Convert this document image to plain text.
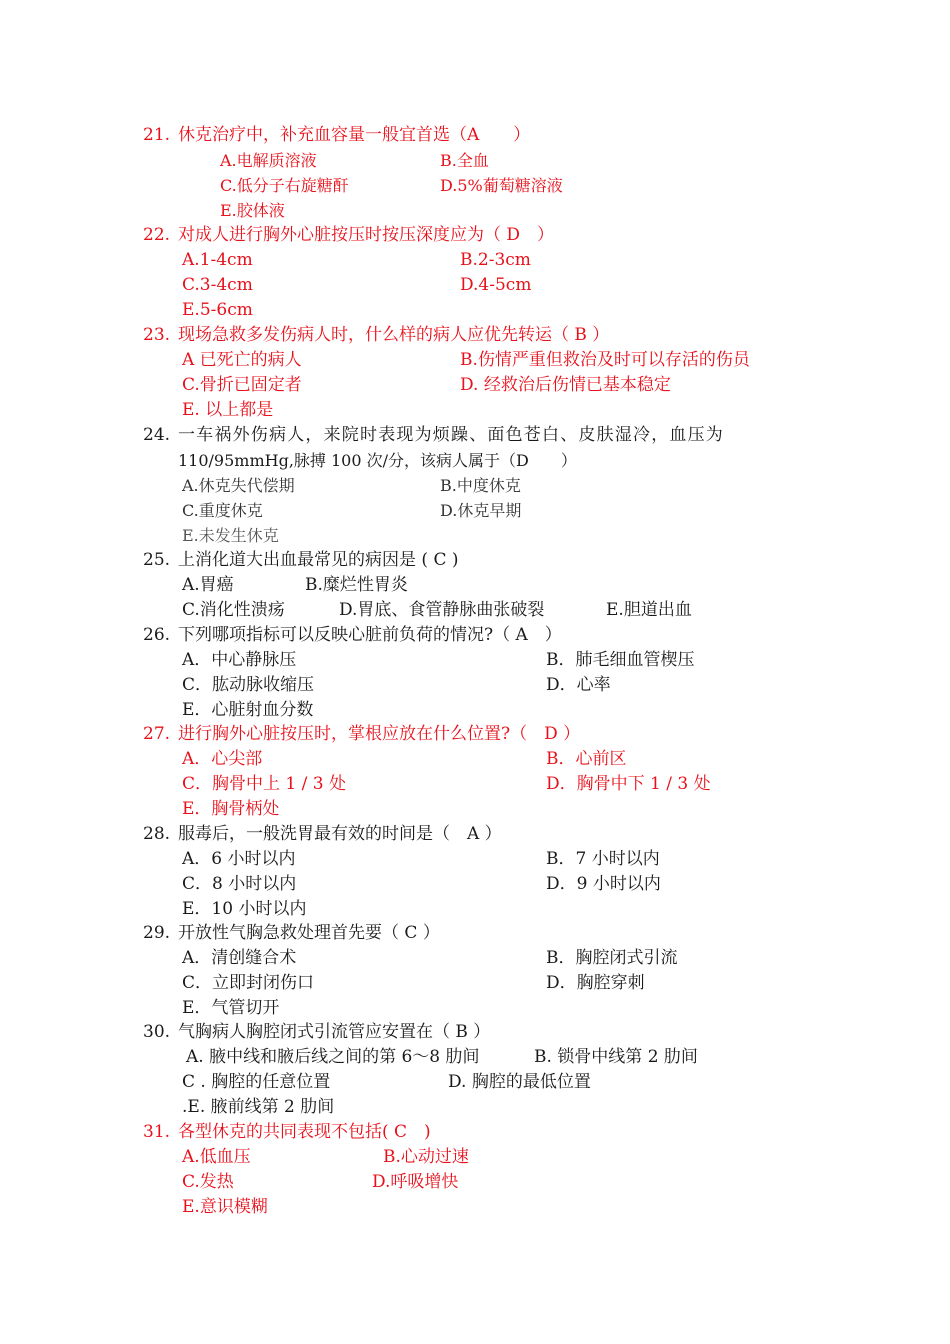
21. 休克治疗中，补充血容量一般宜首选（A　　）
A.电解质溶液	B.全血
C.低分子右旋糖酐	D.5%葡萄糖溶液
E.胶体液
22. 对成人进行胸外心脏按压时按压深度应为（ D　）
A.1-4cm	B.2-3cm
C.3-4cm	D.4-5cm
E.5-6cm
23. 现场急救多发伤病人时，什么样的病人应优先转运（ B ）
A 已死亡的病人	B.伤情严重但救治及时可以存活的伤员
C.骨折已固定者	D. 经救治后伤情已基本稳定
E. 以上都是
24. 一车祸外伤病人，来院时表现为烦躁、面色苍白、皮肤湿冷，血压为
110/95mmHg,脉搏 100 次/分，该病人属于（D　　）
A.休克失代偿期	B.中度休克
C.重度休克	D.休克早期
E.未发生休克
25. 上消化道大出血最常见的病因是 ( C )
A.胃癌	B.糜烂性胃炎
C.消化性溃疡	D.胃底、食管静脉曲张破裂	E.胆道出血
26. 下列哪项指标可以反映心脏前负荷的情况?（ A　）
A．中心静脉压	B．肺毛细血管楔压
C．肱动脉收缩压	D．心率
E．心脏射血分数
27. 进行胸外心脏按压时，掌根应放在什么位置?（　D ）
A．心尖部	B．心前区
C．胸骨中上 1 / 3 处	D．胸骨中下 1 / 3 处
E．胸骨柄处
28. 服毒后，一般洗胃最有效的时间是（　A ）
A．6 小时以内	B．7 小时以内
C．8 小时以内	D．9 小时以内
E．10 小时以内
29. 开放性气胸急救处理首先要（ C ）
A．清创缝合术	B．胸腔闭式引流
C．立即封闭伤口	D．胸腔穿刺
E．气管切开
30. 气胸病人胸腔闭式引流管应安置在（ B ）
A. 腋中线和腋后线之间的第 6～8 肋间	B. 锁骨中线第 2 肋间
C . 胸腔的任意位置	D. 胸腔的最低位置
.E. 腋前线第 2 肋间
31. 各型休克的共同表现不包括( C　)
A.低血压	B.心动过速
C.发热	D.呼吸增快
E.意识模糊
